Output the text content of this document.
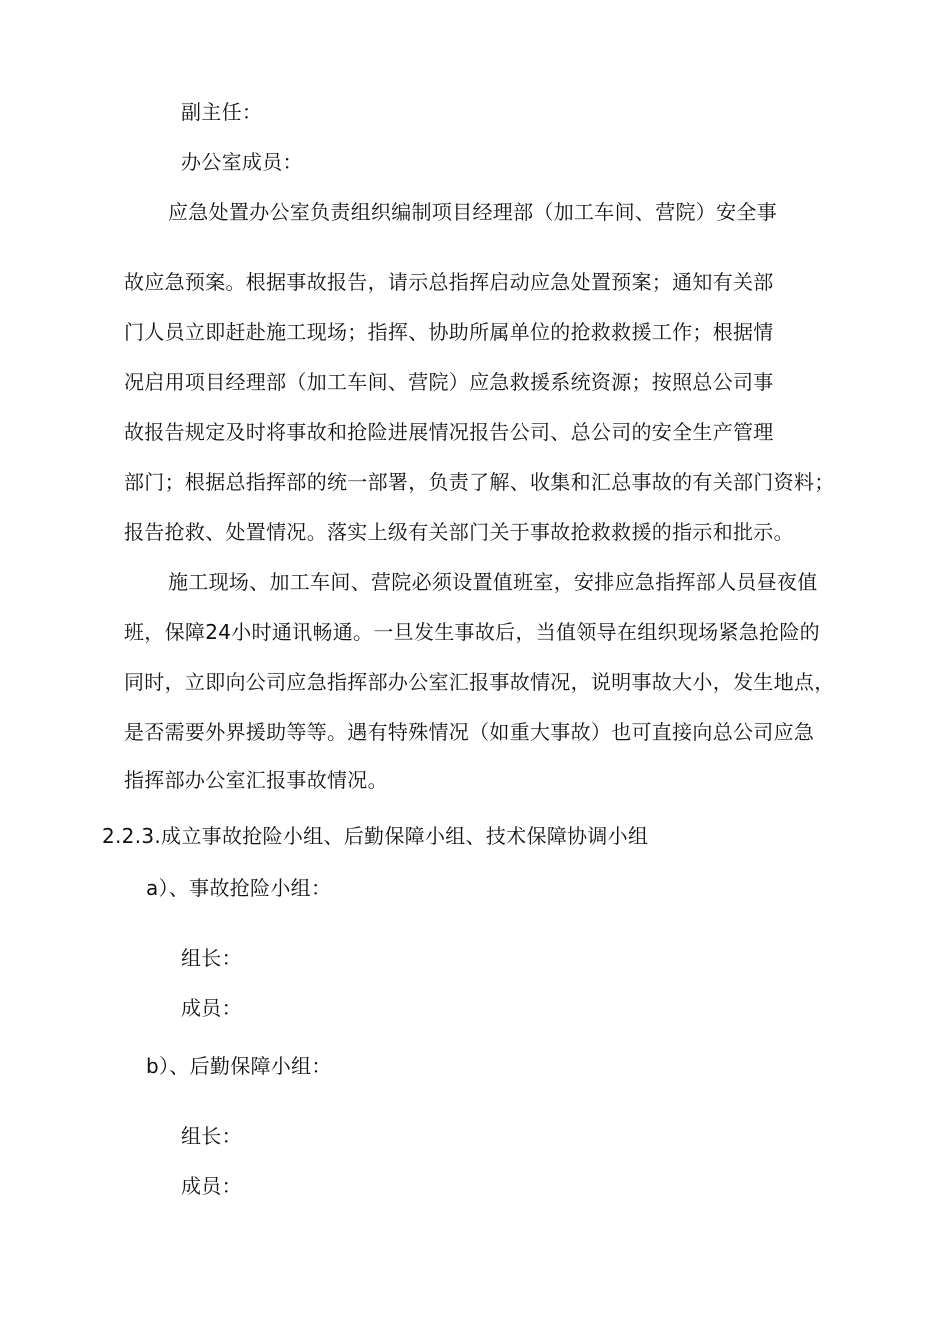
副主任：
办公室成员：
应急处置办公室负责组织编制项目经理部（加工车间、营院）安全事
故应急预案。根据事故报告，请示总指挥启动应急处置预案；通知有关部
门人员立即赶赴施工现场；指挥、协助所属单位的抢救救援工作；根据情
况启用项目经理部（加工车间、营院）应急救援系统资源；按照总公司事
故报告规定及时将事故和抢险进展情况报告公司、总公司的安全生产管理
部门；根据总指挥部的统一部署，负责了解、收集和汇总事故的有关部门资料；
报告抢救、处置情况。落实上级有关部门关于事故抢救救援的指示和批示。
施工现场、加工车间、营院必须设置值班室，安排应急指挥部人员昼夜值
班，保障24小时通讯畅通。一旦发生事故后，当值领导在组织现场紧急抢险的
同时，立即向公司应急指挥部办公室汇报事故情况，说明事故大小，发生地点，
是否需要外界援助等等。遇有特殊情况（如重大事故）也可直接向总公司应急
指挥部办公室汇报事故情况。
2.2.3.成立事故抢险小组、后勤保障小组、技术保障协调小组
a）、事故抢险小组：
组长：
成员：
b）、后勤保障小组：
组长：
成员：
